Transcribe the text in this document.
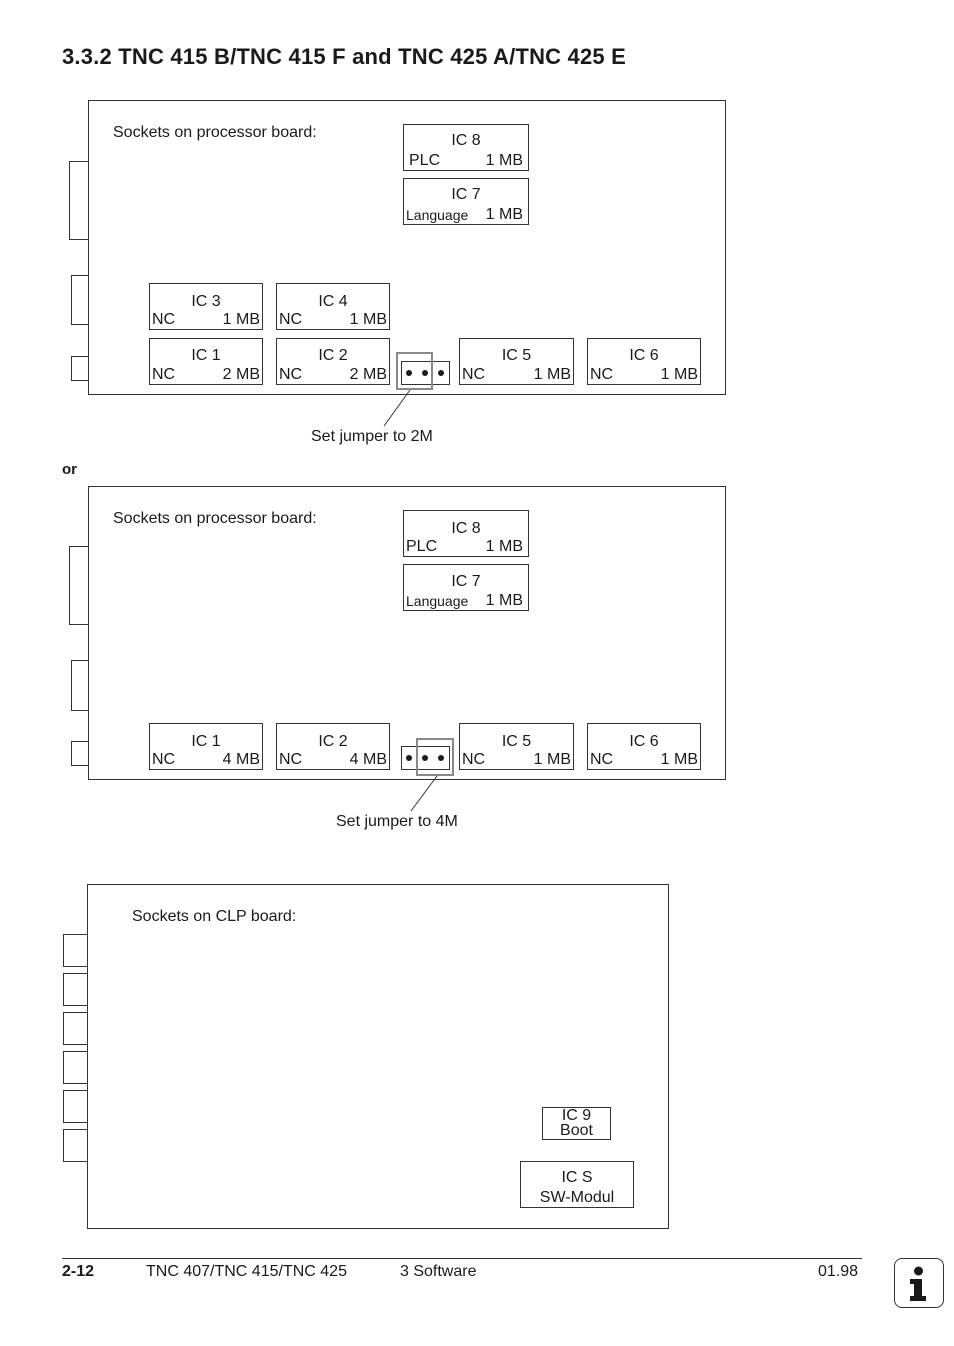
3.3.2 TNC 415 B/TNC 415 F and TNC 425 A/TNC 425 E
Sockets on processor board:	IC 8
PLC	1 MB
IC 7
Language 1 MB
IC 3
NC	1 MB
IC 4
NC	1 MB
IC 1
NC	2 MB
IC 2
NC	2 MB
IC 5
NC	1 MB
IC 6
NC	1 MB
Set jumper to 2M
or
Sockets on processor board:
IC 8
PLC	1 MB
IC 7
Language 1 MB
IC 1
NC	4 MB
IC 2
NC	4 MB
IC 5
NC	1 MB
IC 6
NC	1 MB
Set jumper to 4M
Sockets on CLP board:
IC 9
Boot
IC S
SW-Modul
2-12	TNC 407/TNC 415/TNC 425	3 Software	01.98
